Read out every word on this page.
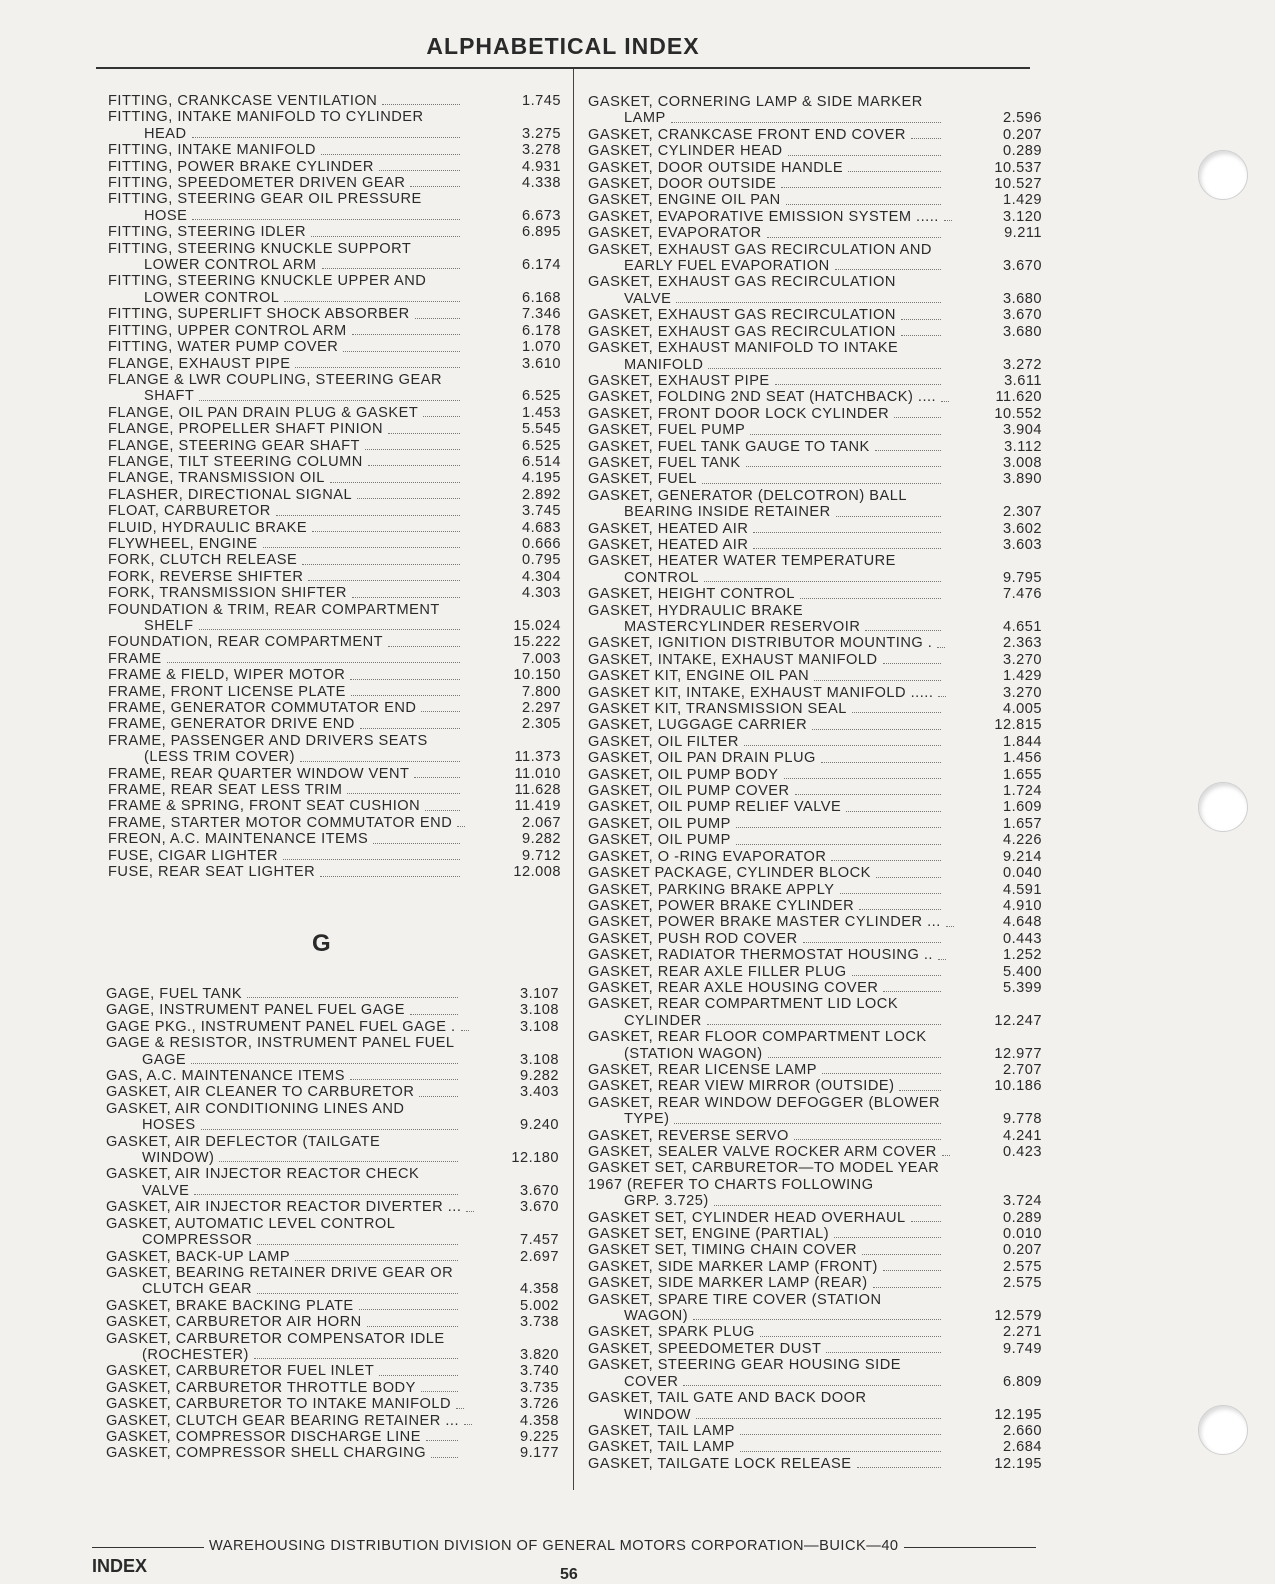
ALPHABETICAL INDEX
FITTING, CRANKCASE VENTILATION	1.745
FITTING, INTAKE MANIFOLD TO CYLINDER
HEAD	3.275
FITTING, INTAKE MANIFOLD	3.278
FITTING, POWER BRAKE CYLINDER	4.931
FITTING, SPEEDOMETER DRIVEN GEAR	4.338
FITTING, STEERING GEAR OIL PRESSURE
HOSE	6.673
FITTING, STEERING IDLER	6.895
FITTING, STEERING KNUCKLE SUPPORT
LOWER CONTROL ARM	6.174
FITTING, STEERING KNUCKLE UPPER AND
LOWER CONTROL	6.168
FITTING, SUPERLIFT SHOCK ABSORBER	7.346
FITTING, UPPER CONTROL ARM	6.178
FITTING, WATER PUMP COVER	1.070
FLANGE, EXHAUST PIPE	3.610
FLANGE & LWR COUPLING, STEERING GEAR
SHAFT	6.525
FLANGE, OIL PAN DRAIN PLUG & GASKET	1.453
FLANGE, PROPELLER SHAFT PINION	5.545
FLANGE, STEERING GEAR SHAFT	6.525
FLANGE, TILT STEERING COLUMN	6.514
FLANGE, TRANSMISSION OIL	4.195
FLASHER, DIRECTIONAL SIGNAL	2.892
FLOAT, CARBURETOR	3.745
FLUID, HYDRAULIC BRAKE	4.683
FLYWHEEL, ENGINE	0.666
FORK, CLUTCH RELEASE	0.795
FORK, REVERSE SHIFTER	4.304
FORK, TRANSMISSION SHIFTER	4.303
FOUNDATION & TRIM, REAR COMPARTMENT
SHELF	15.024
FOUNDATION, REAR COMPARTMENT	15.222
FRAME	7.003
FRAME & FIELD, WIPER MOTOR	10.150
FRAME, FRONT LICENSE PLATE	7.800
FRAME, GENERATOR COMMUTATOR END	2.297
FRAME, GENERATOR DRIVE END	2.305
FRAME, PASSENGER AND DRIVERS SEATS
(LESS TRIM COVER)	11.373
FRAME, REAR QUARTER WINDOW VENT	11.010
FRAME, REAR SEAT LESS TRIM	11.628
FRAME & SPRING, FRONT SEAT CUSHION	11.419
FRAME, STARTER MOTOR COMMUTATOR END	2.067
FREON, A.C. MAINTENANCE ITEMS	9.282
FUSE, CIGAR LIGHTER	9.712
FUSE, REAR SEAT LIGHTER	12.008
G
GAGE, FUEL TANK	3.107
GAGE, INSTRUMENT PANEL FUEL GAGE	3.108
GAGE PKG., INSTRUMENT PANEL FUEL GAGE .	3.108
GAGE & RESISTOR, INSTRUMENT PANEL FUEL
GAGE	3.108
GAS, A.C. MAINTENANCE ITEMS	9.282
GASKET, AIR CLEANER TO CARBURETOR	3.403
GASKET, AIR CONDITIONING LINES AND
HOSES	9.240
GASKET, AIR DEFLECTOR (TAILGATE
WINDOW)	12.180
GASKET, AIR INJECTOR REACTOR CHECK
VALVE	3.670
GASKET, AIR INJECTOR REACTOR DIVERTER ...	3.670
GASKET, AUTOMATIC LEVEL CONTROL
COMPRESSOR	7.457
GASKET, BACK-UP LAMP	2.697
GASKET, BEARING RETAINER DRIVE GEAR OR
CLUTCH GEAR	4.358
GASKET, BRAKE BACKING PLATE	5.002
GASKET, CARBURETOR AIR HORN	3.738
GASKET, CARBURETOR COMPENSATOR IDLE
(ROCHESTER)	3.820
GASKET, CARBURETOR FUEL INLET	3.740
GASKET, CARBURETOR THROTTLE BODY	3.735
GASKET, CARBURETOR TO INTAKE MANIFOLD	3.726
GASKET, CLUTCH GEAR BEARING RETAINER ...	4.358
GASKET, COMPRESSOR DISCHARGE LINE	9.225
GASKET, COMPRESSOR SHELL CHARGING	9.177
GASKET, CORNERING LAMP & SIDE MARKER
LAMP	2.596
GASKET, CRANKCASE FRONT END COVER	0.207
GASKET, CYLINDER HEAD	0.289
GASKET, DOOR OUTSIDE HANDLE	10.537
GASKET, DOOR OUTSIDE	10.527
GASKET, ENGINE OIL PAN	1.429
GASKET, EVAPORATIVE EMISSION SYSTEM .....	3.120
GASKET, EVAPORATOR	9.211
GASKET, EXHAUST GAS RECIRCULATION AND
EARLY FUEL EVAPORATION	3.670
GASKET, EXHAUST GAS RECIRCULATION
VALVE	3.680
GASKET, EXHAUST GAS RECIRCULATION	3.670
GASKET, EXHAUST GAS RECIRCULATION	3.680
GASKET, EXHAUST MANIFOLD TO INTAKE
MANIFOLD	3.272
GASKET, EXHAUST PIPE	3.611
GASKET, FOLDING 2ND SEAT (HATCHBACK) ....	11.620
GASKET, FRONT DOOR LOCK CYLINDER	10.552
GASKET, FUEL PUMP	3.904
GASKET, FUEL TANK GAUGE TO TANK	3.112
GASKET, FUEL TANK	3.008
GASKET, FUEL	3.890
GASKET, GENERATOR (DELCOTRON) BALL
BEARING INSIDE RETAINER	2.307
GASKET, HEATED AIR	3.602
GASKET, HEATED AIR	3.603
GASKET, HEATER WATER TEMPERATURE
CONTROL	9.795
GASKET, HEIGHT CONTROL	7.476
GASKET, HYDRAULIC BRAKE
MASTERCYLINDER RESERVOIR	4.651
GASKET, IGNITION DISTRIBUTOR MOUNTING .	2.363
GASKET, INTAKE, EXHAUST MANIFOLD	3.270
GASKET KIT, ENGINE OIL PAN	1.429
GASKET KIT, INTAKE, EXHAUST MANIFOLD .....	3.270
GASKET KIT, TRANSMISSION SEAL	4.005
GASKET, LUGGAGE CARRIER	12.815
GASKET, OIL FILTER	1.844
GASKET, OIL PAN DRAIN PLUG	1.456
GASKET, OIL PUMP BODY	1.655
GASKET, OIL PUMP COVER	1.724
GASKET, OIL PUMP RELIEF VALVE	1.609
GASKET, OIL PUMP	1.657
GASKET, OIL PUMP	4.226
GASKET, O -RING EVAPORATOR	9.214
GASKET PACKAGE, CYLINDER BLOCK	0.040
GASKET, PARKING BRAKE APPLY	4.591
GASKET, POWER BRAKE CYLINDER	4.910
GASKET, POWER BRAKE MASTER CYLINDER ...	4.648
GASKET, PUSH ROD COVER	0.443
GASKET, RADIATOR THERMOSTAT HOUSING ..	1.252
GASKET, REAR AXLE FILLER PLUG	5.400
GASKET, REAR AXLE HOUSING COVER	5.399
GASKET, REAR COMPARTMENT LID LOCK
CYLINDER	12.247
GASKET, REAR FLOOR COMPARTMENT LOCK
(STATION WAGON)	12.977
GASKET, REAR LICENSE LAMP	2.707
GASKET, REAR VIEW MIRROR (OUTSIDE)	10.186
GASKET, REAR WINDOW DEFOGGER (BLOWER
TYPE)	9.778
GASKET, REVERSE SERVO	4.241
GASKET, SEALER VALVE ROCKER ARM COVER	0.423
GASKET SET, CARBURETOR—TO MODEL YEAR
1967 (REFER TO CHARTS FOLLOWING
GRP. 3.725)	3.724
GASKET SET, CYLINDER HEAD OVERHAUL	0.289
GASKET SET, ENGINE (PARTIAL)	0.010
GASKET SET, TIMING CHAIN COVER	0.207
GASKET, SIDE MARKER LAMP (FRONT)	2.575
GASKET, SIDE MARKER LAMP (REAR)	2.575
GASKET, SPARE TIRE COVER (STATION
WAGON)	12.579
GASKET, SPARK PLUG	2.271
GASKET, SPEEDOMETER DUST	9.749
GASKET, STEERING GEAR HOUSING SIDE
COVER	6.809
GASKET, TAIL GATE AND BACK DOOR
WINDOW	12.195
GASKET, TAIL LAMP	2.660
GASKET, TAIL LAMP	2.684
GASKET, TAILGATE LOCK RELEASE	12.195
WAREHOUSING DISTRIBUTION DIVISION OF GENERAL MOTORS CORPORATION—BUICK—40
INDEX	56
